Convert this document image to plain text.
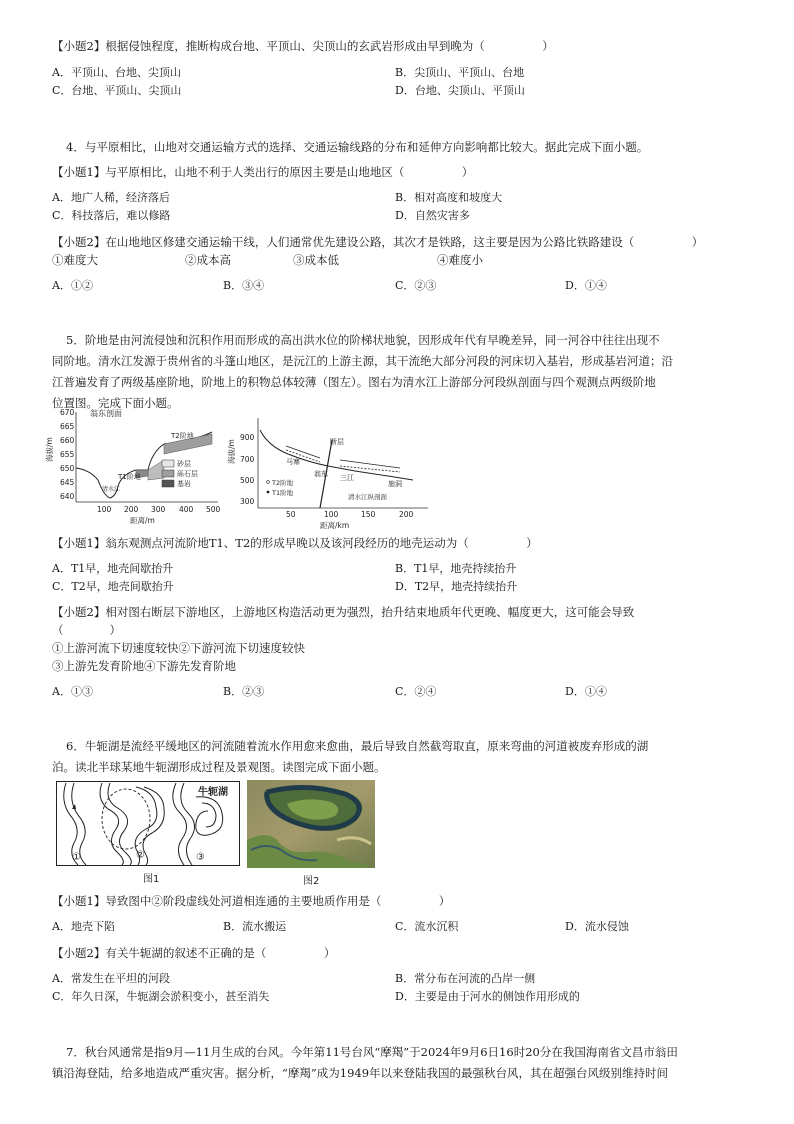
【小题2】根据侵蚀程度，推断构成台地、平顶山、尖顶山的玄武岩形成由早到晚为（　　　　　）
A．平顶山、台地、尖顶山	B．尖顶山、平顶山、台地
C．台地、平顶山、尖顶山	D．台地、尖顶山、平顶山
4．与平原相比，山地对交通运输方式的选择、交通运输线路的分布和延伸方向影响都比较大。据此完成下面小题。
【小题1】与平原相比，山地不利于人类出行的原因主要是山地地区（　　　　　）
A．地广人稀，经济落后	B．相对高度和坡度大
C．科技落后，难以修路	D．自然灾害多
【小题2】在山地地区修建交通运输干线，人们通常优先建设公路，其次才是铁路，这主要是因为公路比铁路建设（　　　　　）
①难度大	②成本高	③成本低	④难度小
A．①②	B．③④	C．②③	D．①④
5．阶地是由河流侵蚀和沉积作用而形成的高出洪水位的阶梯状地貌，因形成年代有早晚差异，同一河谷中往往出现不
同阶地。清水江发源于贵州省的斗篷山地区，是沅江的上游主源，其干流绝大部分河段的河床切入基岩，形成基岩河道；沿
江普遍发育了两级基座阶地，阶地上的积物总体较薄（图左）。图右为清水江上游部分河段纵剖面与四个观测点两级阶地
位置图。完成下面小题。
翁东剖面
670
665
660
655
650
645
640
100 200 300 400 500
距离/m
海拔/m
T2阶地
T1阶地
清水江
砂层
砾石层
基岩
900
700
500
300
50	100	150	200
距离/km
海拔/m	断层
马寨
翁东 三江
施洞
清水江纵剖面
T2阶地
T1阶地
【小题1】翁东观测点河流阶地T1、T2的形成早晚以及该河段经历的地壳运动为（　　　　　）
A．T1早，地壳间歇抬升	B．T1早，地壳持续抬升
C．T2早，地壳间歇抬升	D．T2早，地壳持续抬升
【小题2】相对图右断层下游地区，上游地区构造活动更为强烈，抬升结束地质年代更晚、幅度更大，这可能会导致
（　　　　）
①上游河流下切速度较快②下游河流下切速度较快
③上游先发育阶地④下游先发育阶地
A．①③	B．②③	C．②④	D．①④
6．牛轭湖是流经平缓地区的河流随着流水作用愈来愈曲，最后导致自然截弯取直，原来弯曲的河道被废弃形成的湖
泊。读北半球某地牛轭湖形成过程及景观图。读图完成下面小题。
牛轭湖
①	②	③
图1	图2
【小题1】导致图中②阶段虚线处河道相连通的主要地质作用是（　　　　　）
A．地壳下陷	B．流水搬运	C．流水沉积	D．流水侵蚀
【小题2】有关牛轭湖的叙述不正确的是（　　　　　）
A．常发生在平坦的河段	B．常分布在河流的凸岸一侧
C．年久日深，牛轭湖会淤积变小，甚至消失	D．主要是由于河水的侧蚀作用形成的
7．秋台风通常是指9月—11月生成的台风。今年第11号台风“摩羯”于2024年9月6日16时20分在我国海南省文昌市翁田
镇沿海登陆，给多地造成严重灾害。据分析，“摩羯”成为1949年以来登陆我国的最强秋台风，其在超强台风级别维持时间
